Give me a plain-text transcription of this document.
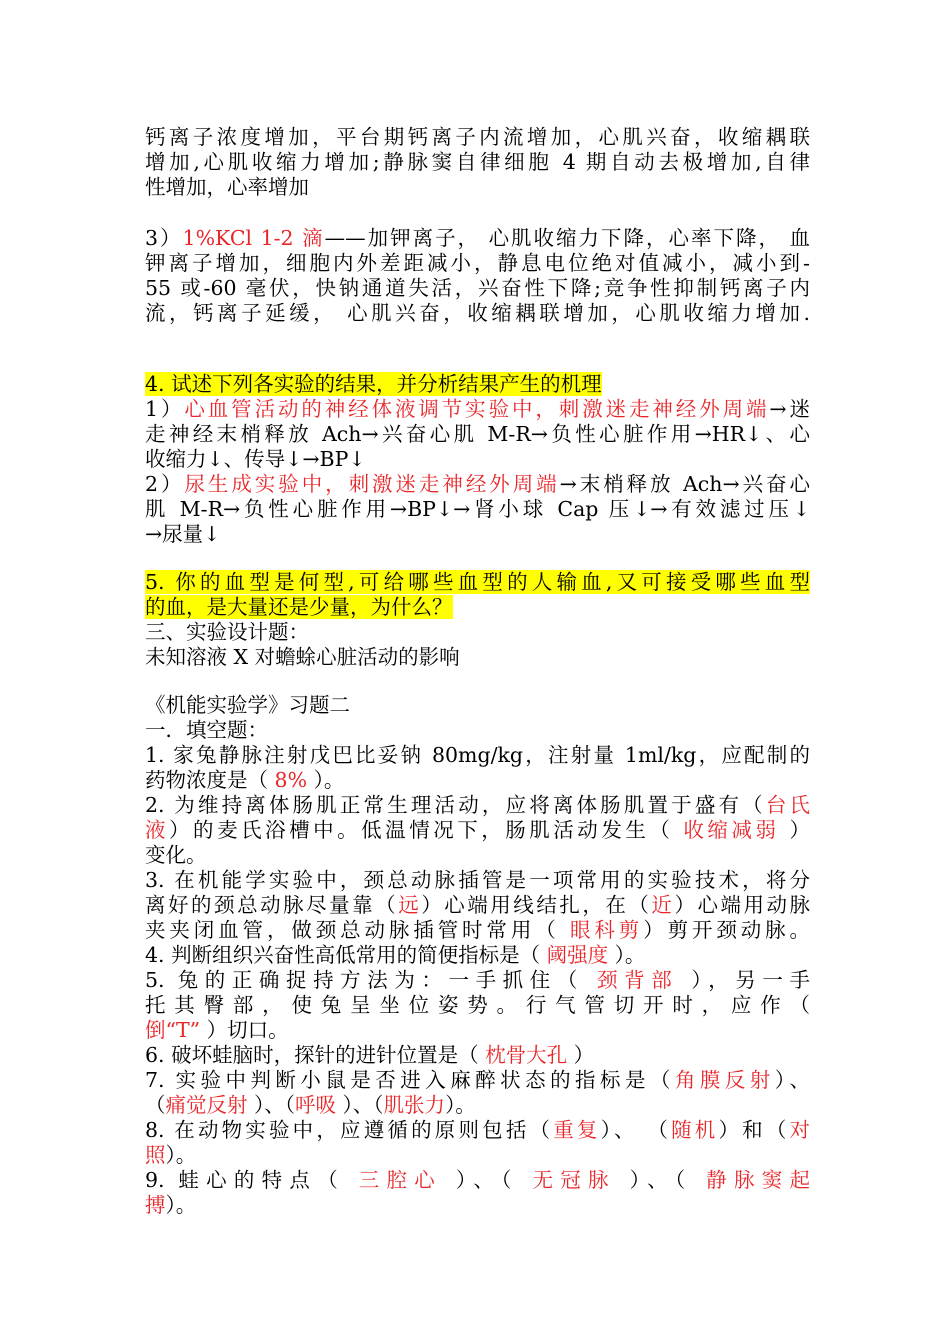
钙离子浓度增加，平台期钙离子内流增加，心肌兴奋，收缩耦联
增加,心肌收缩力增加;静脉窦自律细胞 4 期自动去极增加,自律
性增加，心率增加
3）1%KCl 1-2 滴——加钾离子， 心肌收缩力下降，心率下降， 血
钾离子增加，细胞内外差距减小，静息电位绝对值减小，减小到-
55 或-60 毫伏，快钠通道失活，兴奋性下降;竞争性抑制钙离子内
流，钙离子延缓， 心肌兴奋，收缩耦联增加，心肌收缩力增加.
4. 试述下列各实验的结果，并分析结果产生的机理
1）心血管活动的神经体液调节实验中，刺激迷走神经外周端→迷
走神经末梢释放 Ach→兴奋心肌 M-R→负性心脏作用→HR↓、心
收缩力↓、传导↓→BP↓
2）尿生成实验中，刺激迷走神经外周端→末梢释放 Ach→兴奋心
肌 M-R→负性心脏作用→BP↓→肾小球 Cap 压↓→有效滤过压↓
→尿量↓
5. 你的血型是何型,可给哪些血型的人输血,又可接受哪些血型
的血，是大量还是少量，为什么？
三、实验设计题：
未知溶液 X 对蟾蜍心脏活动的影响
《机能实验学》习题二
一．填空题：
1. 家兔静脉注射戊巴比妥钠 80mg/kg，注射量 1ml/kg，应配制的
药物浓度是（ 8% ）。
2. 为维持离体肠肌正常生理活动，应将离体肠肌置于盛有（台氏
液）的麦氏浴槽中。低温情况下，肠肌活动发生（ 收缩减弱 ）
变化。
3. 在机能学实验中，颈总动脉插管是一项常用的实验技术，将分
离好的颈总动脉尽量靠（远）心端用线结扎，在（近）心端用动脉
夹夹闭血管，做颈总动脉插管时常用（ 眼科剪）剪开颈动脉。
4. 判断组织兴奋性高低常用的简便指标是（ 阈强度 ）。
5. 兔的正确捉持方法为：一手抓住（ 颈背部 ），另一手
托其臀部，使兔呈坐位姿势。行气管切开时，应作（
倒“T” ）切口。
6. 破坏蛙脑时，探针的进针位置是（ 枕骨大孔 ）
7. 实验中判断小鼠是否进入麻醉状态的指标是（角膜反射）、
（痛觉反射 ）、（呼吸 ）、（肌张力）。
8. 在动物实验中，应遵循的原则包括（重复）、 （随机）和（对
照）。
9. 蛙心的特点（ 三腔心 ）、（ 无冠脉 ）、（ 静脉窦起
搏）。
